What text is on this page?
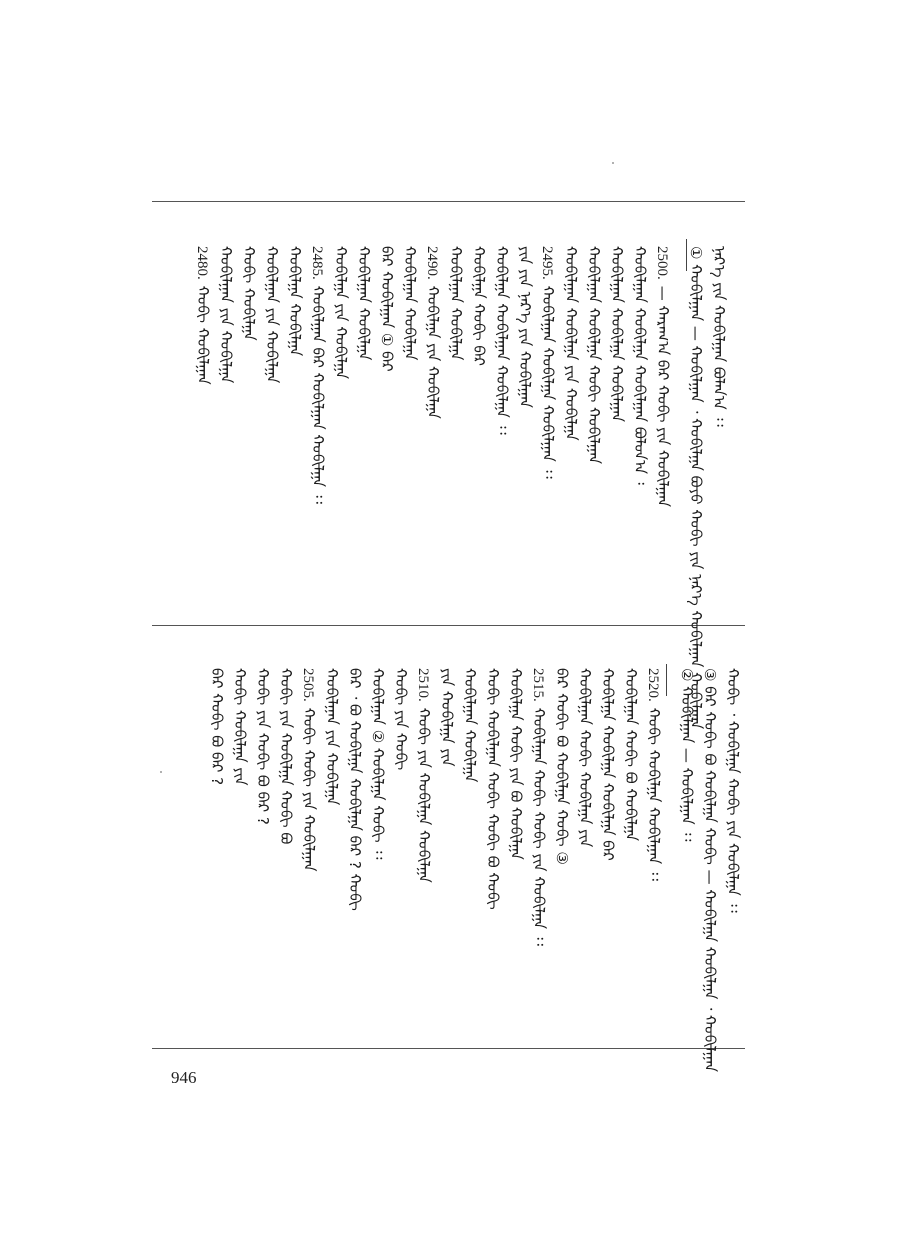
ᠨᠡᠷ᠎ᠡ ᠶᠢᠨ ᠬᠤᠪᠢᠯᠭᠠᠨ ᠪᠣᠯᠠᠨ᠎ᠠ ᠄᠄
① ᠬᠤᠪᠢᠯᠭᠠᠨ — ᠬᠤᠪᠢᠯᠭᠠᠨ ᠂ ᠬᠤᠪᠢᠯᠭᠠ ᠪᠤᠶᠤ ᠬᠤᠪᠢ ᠶᠢᠨ ᠨᠡᠷ᠎ᠡ ᠬᠤᠪᠢᠯᠭᠠᠨ ᠬᠤᠪᠢᠯᠭᠠᠨ
2500.— ᠬᠠᠷᠠᠭ᠎ᠠ ᠪᠠᠷ ᠬᠤᠪᠢ ᠶᠢᠨ ᠬᠤᠪᠢᠯᠭᠠᠨ
ᠬᠤᠪᠢᠯᠭᠠᠨ ᠬᠤᠪᠢᠯᠭᠠ ᠬᠤᠪᠢᠯᠭᠠᠨ ᠪᠣᠯᠤᠨ᠎ᠠ ᠄
ᠬᠤᠪᠢᠯᠭᠠᠨ ᠬᠤᠪᠢᠯᠭᠠ ᠬᠤᠪᠢᠯᠭᠠᠨ
ᠬᠤᠪᠢᠯᠭᠠᠨ ᠬᠤᠪᠢᠯᠭᠠ ᠬᠤᠪᠢ ᠬᠤᠪᠢᠯᠭᠠᠨ
ᠬᠤᠪᠢᠯᠭᠠᠨ ᠬᠤᠪᠢᠯᠭᠠ ᠶᠢᠨ ᠬᠤᠪᠢᠯᠭᠠ
2495.ᠬᠤᠪᠢᠯᠭᠠᠨ ᠬᠤᠪᠢᠯᠭᠠ ᠬᠤᠪᠢᠯᠭᠠᠨ ᠄᠄
ᠶᠢᠨ ᠶᠢᠨ ᠨᠡᠷ᠎ᠡ ᠶᠢᠨ ᠬᠤᠪᠢᠯᠭᠠᠨ
ᠬᠤᠪᠢᠯᠭᠠ ᠬᠤᠪᠢᠯᠭᠠᠨ ᠬᠤᠪᠢᠯᠭᠠ ᠄᠄
ᠬᠤᠪᠢᠯᠭᠠ ᠬᠤᠪᠢ ᠪᠠᠷ
ᠬᠤᠪᠢᠯᠭᠠᠨ ᠬᠤᠪᠢᠯᠭᠠ
2490.ᠬᠤᠪᠢᠯᠭᠠ ᠶᠢᠨ ᠬᠤᠪᠢᠯᠭᠠ
ᠬᠤᠪᠢᠯᠭᠠᠨ ᠬᠤᠪᠢᠯᠭᠠ
ᠪᠠᠷ ᠬᠤᠪᠢᠯᠭᠠᠨ ① ᠪᠠᠷ
ᠬᠤᠪᠢᠯᠭᠠᠨ ᠬᠤᠪᠢᠯᠭᠠ
ᠬᠤᠪᠢᠯᠭᠠ ᠶᠢᠨ ᠬᠤᠪᠢᠯᠭᠠ
2485.ᠬᠤᠪᠢᠯᠭᠠᠨ ᠪᠡᠷ ᠬᠤᠪᠢᠯᠭᠠᠨ ᠬᠤᠪᠢᠯᠭᠠ ᠄᠄
ᠬᠤᠪᠢᠯᠭᠠ ᠬᠤᠪᠢᠯᠭᠠ
ᠬᠤᠪᠢᠯᠭᠠᠨ ᠶᠢᠨ ᠬᠤᠪᠢᠯᠭᠠ
ᠬᠤᠪᠢ ᠬᠤᠪᠢᠯᠭᠠ
ᠬᠤᠪᠢᠯᠭᠠᠨ ᠶᠢᠨ ᠬᠤᠪᠢᠯᠭᠠ
2480.ᠬᠤᠪᠢ ᠬᠤᠪᠢᠯᠭᠠᠨ
ᠬᠤᠪᠢ ᠂ ᠬᠤᠪᠢᠯᠭᠠ ᠬᠤᠪᠢ ᠶᠢᠨ ᠬᠤᠪᠢᠯᠭᠠ ᠄᠄
③ ᠪᠠᠷ ᠬᠤᠪᠢ ᠪᠤ ᠬᠤᠪᠢᠯᠭᠠ ᠬᠤᠪᠢ — ᠬᠤᠪᠢᠯᠭᠠ ᠬᠤᠪᠢᠯᠭᠠ ᠂ ᠬᠤᠪᠢᠯᠭᠠᠨ
② ᠬᠤᠪᠢᠯᠭᠠᠨ — ᠬᠤᠪᠢᠯᠭᠠᠨ ᠄᠄
2520.ᠬᠤᠪᠢ ᠬᠤᠪᠢᠯᠭᠠ ᠬᠤᠪᠢᠯᠭᠠᠨ ᠄᠄
ᠬᠤᠪᠢᠯᠭᠠᠨ ᠬᠤᠪᠢ ᠪᠤ ᠬᠤᠪᠢᠯᠭᠠ
ᠬᠤᠪᠢᠯᠭᠠ ᠬᠤᠪᠢᠯᠭᠠ ᠬᠤᠪᠢᠯᠭᠠ ᠪᠠᠷ
ᠬᠤᠪᠢᠯᠭᠠᠨ ᠬᠤᠪᠢ ᠬᠤᠪᠢᠯᠭᠠ ᠶᠢᠨ
ᠪᠠᠷ ᠬᠤᠪᠢ ᠪᠤ ᠬᠤᠪᠢᠯᠭᠠ ᠬᠤᠪᠢ ③
2515.ᠬᠤᠪᠢᠯᠭᠠᠨ ᠬᠤᠪᠢ ᠬᠤᠪᠢ ᠶᠢᠨ ᠬᠤᠪᠢᠯᠭᠠ ᠄᠄
ᠬᠤᠪᠢᠯᠭᠠ ᠬᠤᠪᠢ ᠶᠢᠨ ᠪᠤ ᠬᠤᠪᠢᠯᠭᠠ
ᠬᠤᠪᠢ ᠬᠤᠪᠢᠯᠭᠠᠨ ᠬᠤᠪᠢ ᠬᠤᠪᠢ ᠪᠤ ᠬᠤᠪᠢ
ᠬᠤᠪᠢᠯᠭᠠᠨ ᠬᠤᠪᠢᠯᠭᠠ
ᠶᠢᠨ ᠬᠤᠪᠢᠯᠭᠠ ᠶᠢᠨ
2510.ᠬᠤᠪᠢ ᠶᠢᠨ ᠬᠤᠪᠢᠯᠭᠠ ᠬᠤᠪᠢᠯᠭᠠ
ᠬᠤᠪᠢ ᠶᠢᠨ ᠬᠤᠪᠢ
ᠬᠤᠪᠢᠯᠭᠠᠨ ② ᠬᠤᠪᠢᠯᠭᠠ ᠬᠤᠪᠢ ᠄᠄
ᠪᠠᠷ ᠂ ᠪᠤ ᠬᠤᠪᠢᠯᠭᠠ ᠬᠤᠪᠢᠯᠭᠠ ᠪᠠᠷ ? ᠬᠤᠪᠢ
ᠬᠤᠪᠢᠯᠭᠠᠨ ᠶᠢᠨ ᠬᠤᠪᠢᠯᠭᠠ
2505.ᠬᠤᠪᠢ ᠬᠤᠪᠢ ᠶᠢᠨ ᠬᠤᠪᠢᠯᠭᠠᠨ
ᠬᠤᠪᠢ ᠶᠢᠨ ᠬᠤᠪᠢᠯᠭᠠ ᠬᠤᠪᠢ ᠪᠤ
ᠬᠤᠪᠢ ᠶᠢᠨ ᠬᠤᠪᠢ ᠪᠤ ᠪᠠᠷ ?
ᠬᠤᠪᠢ ᠬᠤᠪᠢᠯᠭᠠ ᠶᠢᠨ
ᠪᠠᠷ ᠬᠤᠪᠢ ᠪᠤ ᠪᠠᠷ ?
946
